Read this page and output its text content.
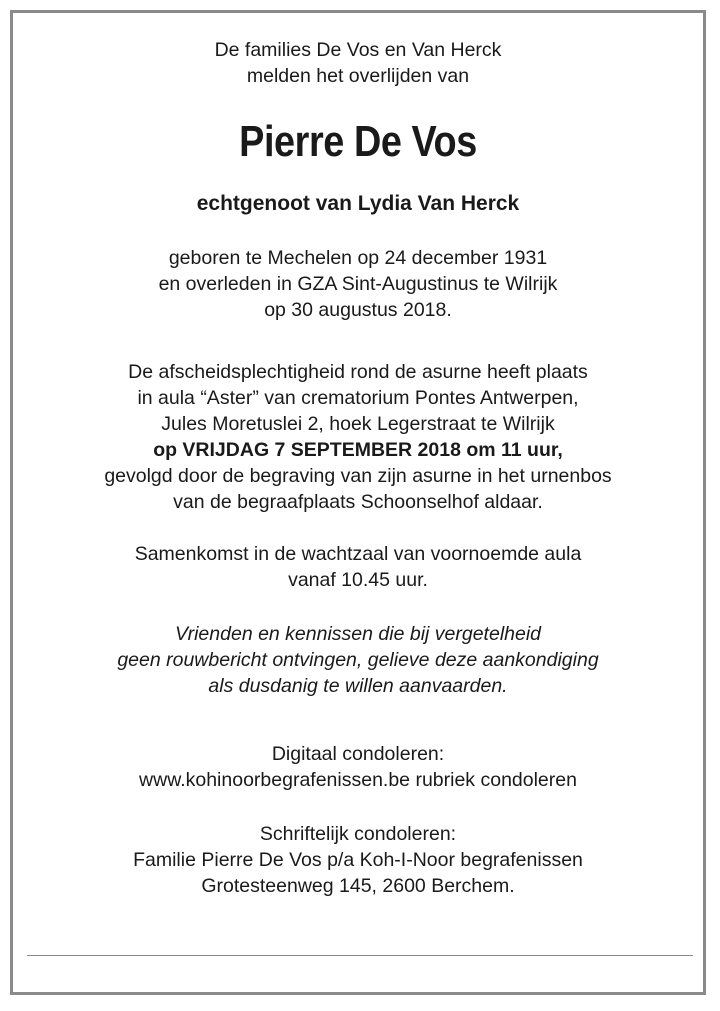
De families De Vos en Van Herck
melden het overlijden van
Pierre De Vos
echtgenoot van Lydia Van Herck
geboren te Mechelen op 24 december 1931
en overleden in GZA Sint-Augustinus te Wilrijk
op 30 augustus 2018.
De afscheidsplechtigheid rond de asurne heeft plaats
in aula “Aster” van crematorium Pontes Antwerpen,
Jules Moretuslei 2, hoek Legerstraat te Wilrijk
op VRIJDAG 7 SEPTEMBER 2018 om 11 uur,
gevolgd door de begraving van zijn asurne in het urnenbos
van de begraafplaats Schoonselhof aldaar.
Samenkomst in de wachtzaal van voornoemde aula
vanaf 10.45 uur.
Vrienden en kennissen die bij vergetelheid
geen rouwbericht ontvingen, gelieve deze aankondiging
als dusdanig te willen aanvaarden.
Digitaal condoleren:
www.kohinoorbegrafenissen.be rubriek condoleren
Schriftelijk condoleren:
Familie Pierre De Vos p/a Koh-I-Noor begrafenissen
Grotesteenweg 145, 2600 Berchem.
